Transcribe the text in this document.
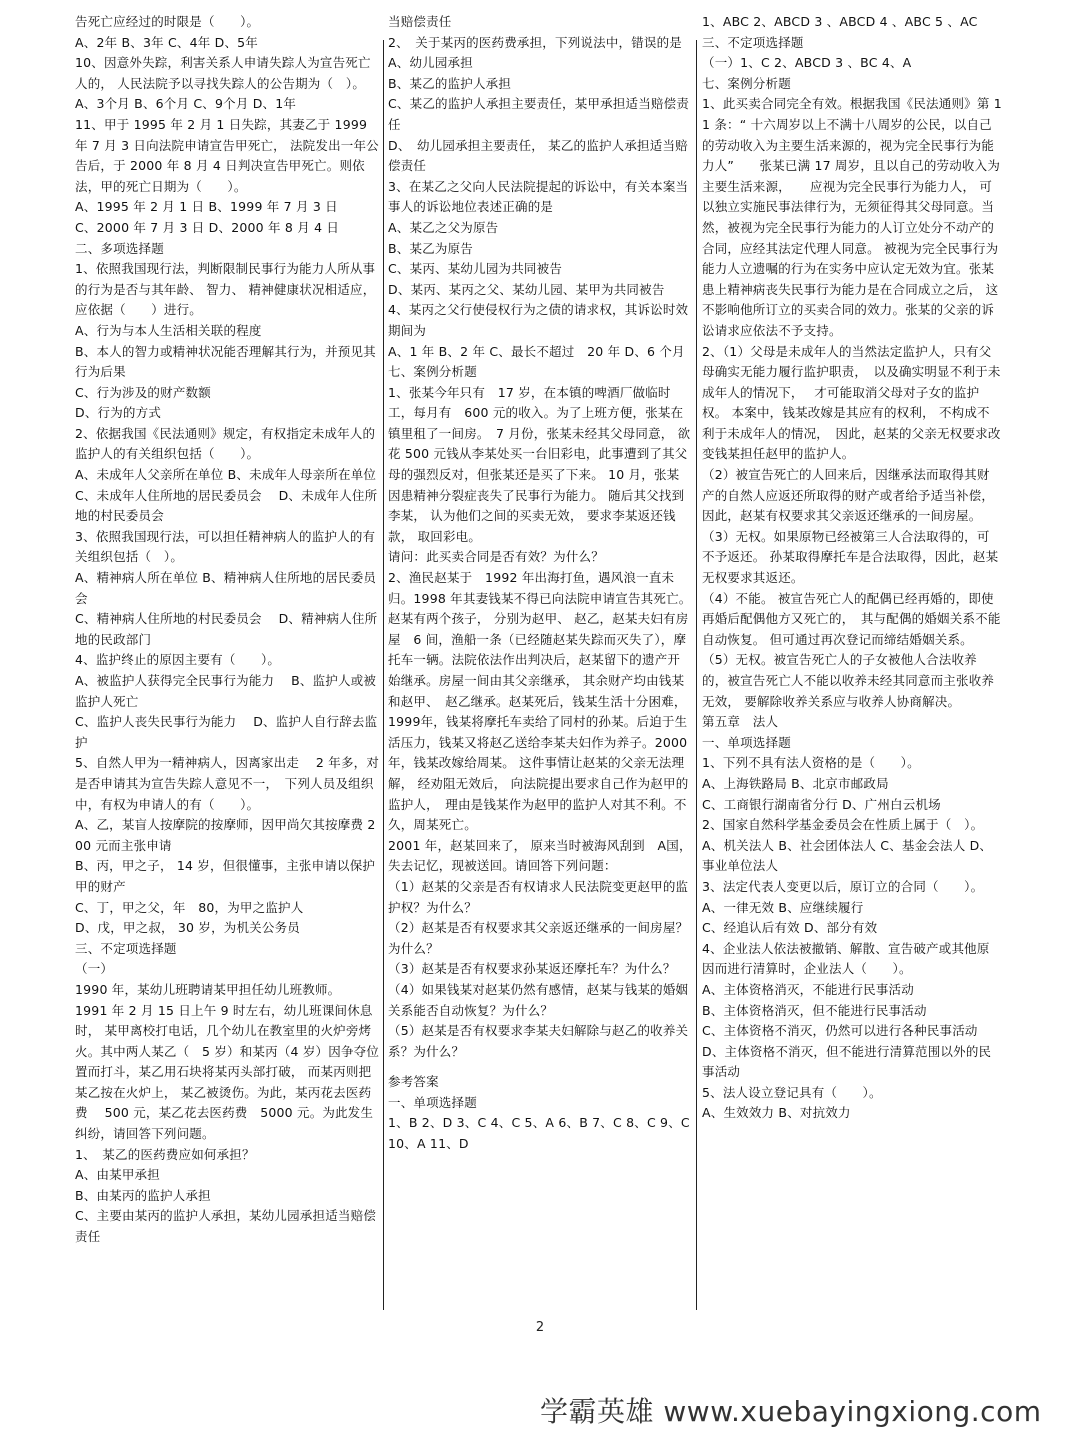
告死亡应经过的时限是（　　）。

A、2年 B、3年 C、4年 D、5年

10、因意外失踪，利害关系人申请失踪人为宣告死亡人的， 人民法院予以寻找失踪人的公告期为（　）。

A、3个月 B、6个月 C、9个月 D、1年

11、甲于 1995 年 2 月 1 日失踪，其妻乙于 1999 年 7 月 3 日向法院申请宣告甲死亡， 法院发出一年公告后，于 2000 年 8 月 4 日判决宣告甲死亡。则依法，甲的死亡日期为（　　）。

A、1995 年 2 月 1 日 B、1999 年 7 月 3 日

C、2000 年 7 月 3 日 D、2000 年 8 月 4 日

二、多项选择题

1、依照我国现行法，判断限制民事行为能力人所从事的行为是否与其年龄、 智力、 精神健康状况相适应，应依据（　　）进行。

A、行为与本人生活相关联的程度

B、本人的智力或精神状况能否理解其行为，并预见其行为后果

C、行为涉及的财产数额

D、行为的方式

2、依据我国《民法通则》规定，有权指定未成年人的监护人的有关组织包括（　　）。

A、未成年人父亲所在单位 B、未成年人母亲所在单位

C、未成年人住所地的居民委员会　 D、未成年人住所地的村民委员会

3、依照我国现行法，可以担任精神病人的监护人的有关组织包括（　）。

A、精神病人所在单位 B、精神病人住所地的居民委员会

C、精神病人住所地的村民委员会　 D、精神病人住所地的民政部门

4、监护终止的原因主要有（　　）。

A、被监护人获得完全民事行为能力　 B、监护人或被监护人死亡

C、监护人丧失民事行为能力　 D、监护人自行辞去监护

5、自然人甲为一精神病人，因离家出走　 2 年多，对是否申请其为宣告失踪人意见不一，　下列人员及组织中，有权为申请人的有（　　）。

A、乙，某盲人按摩院的按摩师，因甲尚欠其按摩费 200 元而主张申请

B、丙，甲之子， 14 岁，但很懂事，主张申请以保护甲的财产

C、丁，甲之父，年　80，为甲之监护人

D、戊，甲之叔， 30 岁，为机关公务员

三、不定项选择题

（一）

1990 年，某幼儿班聘请某甲担任幼儿班教师。

1991 年 2 月 15 日上午 9 时左右，幼儿班课间休息时， 某甲离校打电话，几个幼儿在教室里的火炉旁烤火。其中两人某乙（　5 岁）和某丙（4 岁）因争夺位置而打斗，某乙用石块将某丙头部打破， 而某丙则把某乙按在火炉上， 某乙被烫伤。为此，某丙花去医药费　 500 元，某乙花去医药费　5000 元。为此发生纠纷，请回答下列问题。

1、　某乙的医药费应如何承担？

A、由某甲承担

B、由某丙的监护人承担

C、主要由某丙的监护人承担，某幼儿园承担适当赔偿责任

当赔偿责任

2、　关于某丙的医药费承担，下列说法中，错误的是

A、幼儿园承担

B、某乙的监护人承担

C、某乙的监护人承担主要责任，某甲承担适当赔偿责任

D、　幼儿园承担主要责任， 某乙的监护人承担适当赔偿责任

3、在某乙之父向人民法院提起的诉讼中，有关本案当事人的诉讼地位表述正确的是

A、某乙之父为原告

B、某乙为原告

C、某丙、某幼儿园为共同被告

D、某丙、某丙之父、某幼儿园、某甲为共同被告

4、某丙之父行使侵权行为之债的请求权，其诉讼时效期间为

A、1 年 B、2 年 C、最长不超过　20 年 D、6 个月

七、案例分析题

1、张某今年只有　17 岁，在本镇的啤酒厂做临时工，每月有　600 元的收入。为了上班方便，张某在镇里租了一间房。　7 月份，张某未经其父母同意， 欲花 500 元钱从李某处买一台旧彩电，此事遭到了其父母的强烈反对，但张某还是买了下来。 10 月，张某因患精神分裂症丧失了民事行为能力。 随后其父找到李某， 认为他们之间的买卖无效， 要求李某返还钱款， 取回彩电。

请问：此买卖合同是否有效？为什么？

2、渔民赵某于　1992 年出海打鱼，遇风浪一直未归。1998 年其妻钱某不得已向法院申请宣告其死亡。赵某有两个孩子， 分别为赵甲、 赵乙，赵某夫妇有房屋　6 间，渔船一条（已经随赵某失踪而灭失了），摩托车一辆。法院依法作出判决后，赵某留下的遗产开始继承。房屋一间由其父亲继承， 其余财产均由钱某和赵甲、　赵乙继承。赵某死后，钱某生活十分困难，　 1999年，钱某将摩托车卖给了同村的孙某。后迫于生活压力，钱某又将赵乙送给李某夫妇作为养子。2000 年，钱某改嫁给周某。 这件事情让赵某的父亲无法理解， 经劝阻无效后， 向法院提出要求自己作为赵甲的监护人，　理由是钱某作为赵甲的监护人对其不利。不久，周某死亡。

2001 年，赵某回来了， 原来当时被海风刮到　A国，失去记忆，现被送回。请回答下列问题：

（1）赵某的父亲是否有权请求人民法院变更赵甲的监护权？为什么？

（2）赵某是否有权要求其父亲返还继承的一间房屋？为什么？

（3）赵某是否有权要求孙某返还摩托车？为什么？

（4）如果钱某对赵某仍然有感情，赵某与钱某的婚姻关系能否自动恢复？为什么？

（5）赵某是否有权要求李某夫妇解除与赵乙的收养关系？为什么？

参考答案

一、单项选择题

1、B 2、D 3、C 4、C 5、A 6、B 7、C 8、C 9、C 10、A 11、D

1、ABC 2、ABCD 3 、ABCD 4 、ABC 5 、AC

三、不定项选择题

（一）1、C 2、ABCD 3 、BC 4、A

七、案例分析题

1、此买卖合同完全有效。根据我国《民法通则》第 11 条：“ 十六周岁以上不满十八周岁的公民，以自己的劳动收入为主要生活来源的，视为完全民事行为能力人”　　张某已满 17 周岁，且以自己的劳动收入为主要生活来源，　　应视为完全民事行为能力人， 可以独立实施民事法律行为，无须征得其父母同意。当然，被视为完全民事行为能力的人订立处分不动产的合同，应经其法定代理人同意。 被视为完全民事行为能力人立遗嘱的行为在实务中应认定无效为宜。张某患上精神病丧失民事行为能力是在合同成立之后， 这不影响他所订立的买卖合同的效力。张某的父亲的诉讼请求应依法不予支持。

2、（1）父母是未成年人的当然法定监护人，只有父母确实无能力履行监护职责，　以及确实明显不利于未成年人的情况下，　 才可能取消父母对子女的监护权。 本案中，钱某改嫁是其应有的权利， 不构成不利于未成年人的情况，　因此，赵某的父亲无权要求改变钱某担任赵甲的监护人。

（2）被宣告死亡的人回来后，因继承法而取得其财产的自然人应返还所取得的财产或者给予适当补偿， 因此，赵某有权要求其父亲返还继承的一间房屋。

（3）无权。如果原物已经被第三人合法取得的，可不予返还。 孙某取得摩托车是合法取得，因此，赵某无权要求其返还。

（4）不能。 被宣告死亡人的配偶已经再婚的，即使再婚后配偶他方又死亡的，　其与配偶的婚姻关系不能自动恢复。 但可通过再次登记而缔结婚姻关系。

（5）无权。被宣告死亡人的子女被他人合法收养的，被宣告死亡人不能以收养未经其同意而主张收养无效， 要解除收养关系应与收养人协商解决。

第五章　法人

一、单项选择题

1、下列不具有法人资格的是（　　）。

A、上海铁路局 B、北京市邮政局

C、工商银行湖南省分行 D、广州白云机场

2、国家自然科学基金委员会在性质上属于（　）。

A、机关法人 B、社会团体法人 C、基金会法人 D、事业单位法人

3、法定代表人变更以后，原订立的合同（　　）。

A、一律无效 B、应继续履行

C、经追认后有效 D、部分有效

4、企业法人依法被撤销、解散、宣告破产或其他原因而进行清算时，企业法人（　　）。

A、主体资格消灭，不能进行民事活动

B、主体资格消灭，但不能进行民事活动

C、主体资格不消灭，仍然可以进行各种民事活动

D、主体资格不消灭，但不能进行清算范围以外的民事活动

5、法人设立登记具有（　　）。

A、生效效力 B、对抗效力

2
学霸英雄 www.xuebayingxiong.com
